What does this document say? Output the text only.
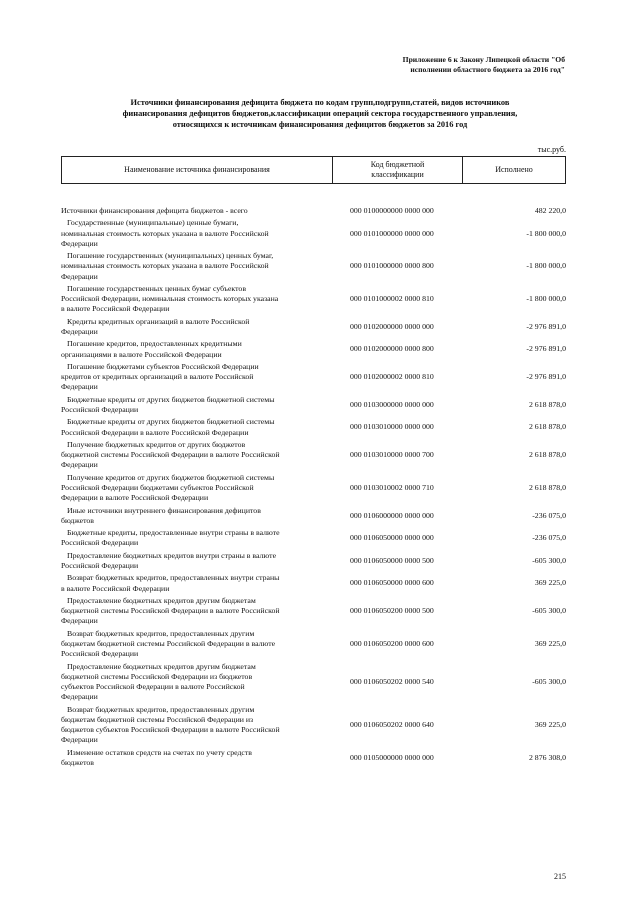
Приложение 6 к Закону Липецкой области "Об
исполнении областного бюджета за 2016 год"
Источники финансирования дефицита бюджета по кодам групп,подгрупп,статей, видов источников
финансирования дефицитов бюджетов,классификации операций сектора государственного управления,
относящихся к источникам финансирования дефицитов бюджетов за 2016 год
тыс.руб.
Наименование источника финансирования
Код бюджетной
классификации
Исполнено
Источники финансирования дефицита бюджетов - всего	000 0100000000 0000 000	482 220,0
Государственные (муниципальные) ценные бумаги,
номинальная стоимость которых указана в валюте Российской
Федерации
000 0101000000 0000 000	-1 800 000,0
Погашение государственных (муниципальных) ценных бумаг,
номинальная стоимость которых указана в валюте Российской
Федерации
000 0101000000 0000 800	-1 800 000,0
Погашение государственных ценных бумаг субъектов
Российской Федерации, номинальная стоимость которых указана
в валюте Российской Федерации
000 0101000002 0000 810	-1 800 000,0
Кредиты кредитных организаций в валюте Российской
Федерации
000 0102000000 0000 000	-2 976 891,0
Погашение кредитов, предоставленных кредитными
организациями в валюте Российской Федерации
000 0102000000 0000 800	-2 976 891,0
Погашение бюджетами субъектов Российской Федерации
кредитов от кредитных организаций в валюте Российской
Федерации
000 0102000002 0000 810	-2 976 891,0
Бюджетные кредиты от других бюджетов бюджетной системы
Российской Федерации
000 0103000000 0000 000	2 618 878,0
Бюджетные кредиты от других бюджетов бюджетной системы
Российской Федерации в валюте Российской Федерации
000 0103010000 0000 000	2 618 878,0
Получение бюджетных кредитов от других бюджетов
бюджетной системы Российской Федерации в валюте Российской
Федерации
000 0103010000 0000 700	2 618 878,0
Получение кредитов от других бюджетов бюджетной системы
Российской Федерации бюджетами субъектов Российской
Федерации в валюте Российской Федерации
000 0103010002 0000 710	2 618 878,0
Иные источники внутреннего финансирования дефицитов
бюджетов
000 0106000000 0000 000	-236 075,0
Бюджетные кредиты, предоставленные внутри страны в валюте
Российской Федерации
000 0106050000 0000 000	-236 075,0
Предоставление бюджетных кредитов внутри страны в валюте
Российской Федерации
000 0106050000 0000 500	-605 300,0
Возврат бюджетных кредитов, предоставленных внутри страны
в валюте Российской Федерации
000 0106050000 0000 600	369 225,0
Предоставление бюджетных кредитов другим бюджетам
бюджетной системы Российской Федерации в валюте Российской
Федерации
000 0106050200 0000 500	-605 300,0
Возврат бюджетных кредитов, предоставленных другим
бюджетам бюджетной системы Российской Федерации в валюте
Российской Федерации
000 0106050200 0000 600	369 225,0
Предоставление бюджетных кредитов другим бюджетам
бюджетной системы Российской Федерации из бюджетов
субъектов Российской Федерации в валюте Российской
Федерации
000 0106050202 0000 540	-605 300,0
Возврат бюджетных кредитов, предоставленных другим
бюджетам бюджетной системы Российской Федерации из
бюджетов субъектов Российской Федерации в валюте Российской
Федерации
000 0106050202 0000 640	369 225,0
Изменение остатков средств на счетах по учету средств
бюджетов
000 0105000000 0000 000	2 876 308,0
215
